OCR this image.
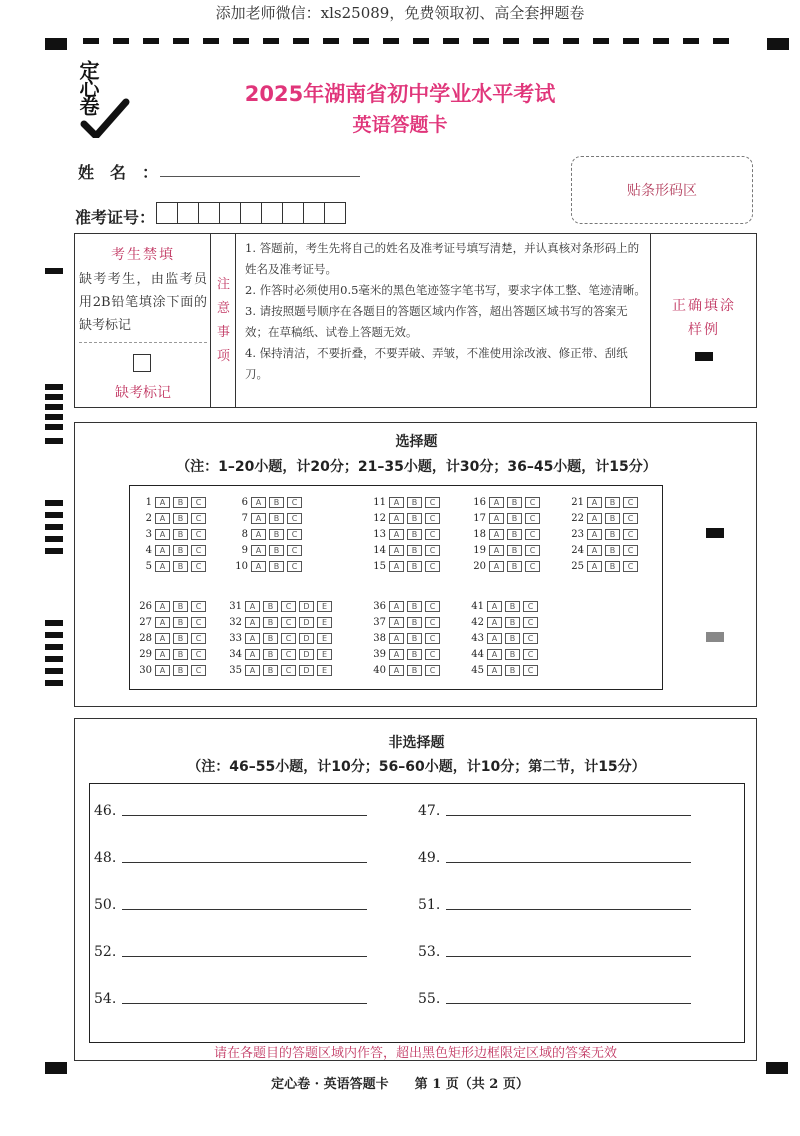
添加老师微信：xls25089，免费领取初、高全套押题卷
定心卷	2025年湖南省初中学业水平考试
英语答题卡
姓名：
准考证号：
贴条形码区
考生禁填
缺考考生，由监考员用2B铅笔填涂下面的缺考标记
缺考标记
注
意
事
项
1. 答题前，考生先将自己的姓名及准考证号填写清楚，并认真核对条形码上的姓名及准考证号。
2. 作答时必须使用0.5毫米的黑色笔迹签字笔书写，要求字体工整、笔迹清晰。
3. 请按照题号顺序在各题目的答题区域内作答，超出答题区域书写的答案无效；在草稿纸、试卷上答题无效。
4. 保持清洁，不要折叠，不要弄破、弄皱，不准使用涂改液、修正带、刮纸刀。
正确填涂
样例
选择题
（注：1–20小题，计20分；21–35小题，计30分；36–45小题，计15分）
1 A	B	C
2 A	B	C
3 A	B	C
4 A	B	C
5 A	B	C
6 A	B	C
7 A	B	C
8 A	B	C
9 A	B	C
10 A	B	C
11 A	B	C
12 A	B	C
13 A	B	C
14 A	B	C
15 A	B	C
16 A	B	C
17 A	B	C
18 A	B	C
19 A	B	C
20 A	B	C
21 A	B	C
22 A	B	C
23 A	B	C
24 A	B	C
25 A	B	C
26 A	B	C
27 A	B	C
28 A	B	C
29 A	B	C
30 A	B	C
31 A	B	C	D	E
32 A	B	C	D	E
33 A	B	C	D	E
34 A	B	C	D	E
35 A	B	C	D	E
36 A	B	C
37 A	B	C
38 A	B	C
39 A	B	C
40 A	B	C
41 A	B	C
42 A	B	C
43 A	B	C
44 A	B	C
45 A	B	C
非选择题
（注：46–55小题，计10分；56–60小题，计10分；第二节，计15分）
46.	47.
48.	49.
50.	51.
52.	53.
54.	55.
请在各题目的答题区域内作答，超出黑色矩形边框限定区域的答案无效
定心卷 · 英语答题卡　　第 1 页（共 2 页）
